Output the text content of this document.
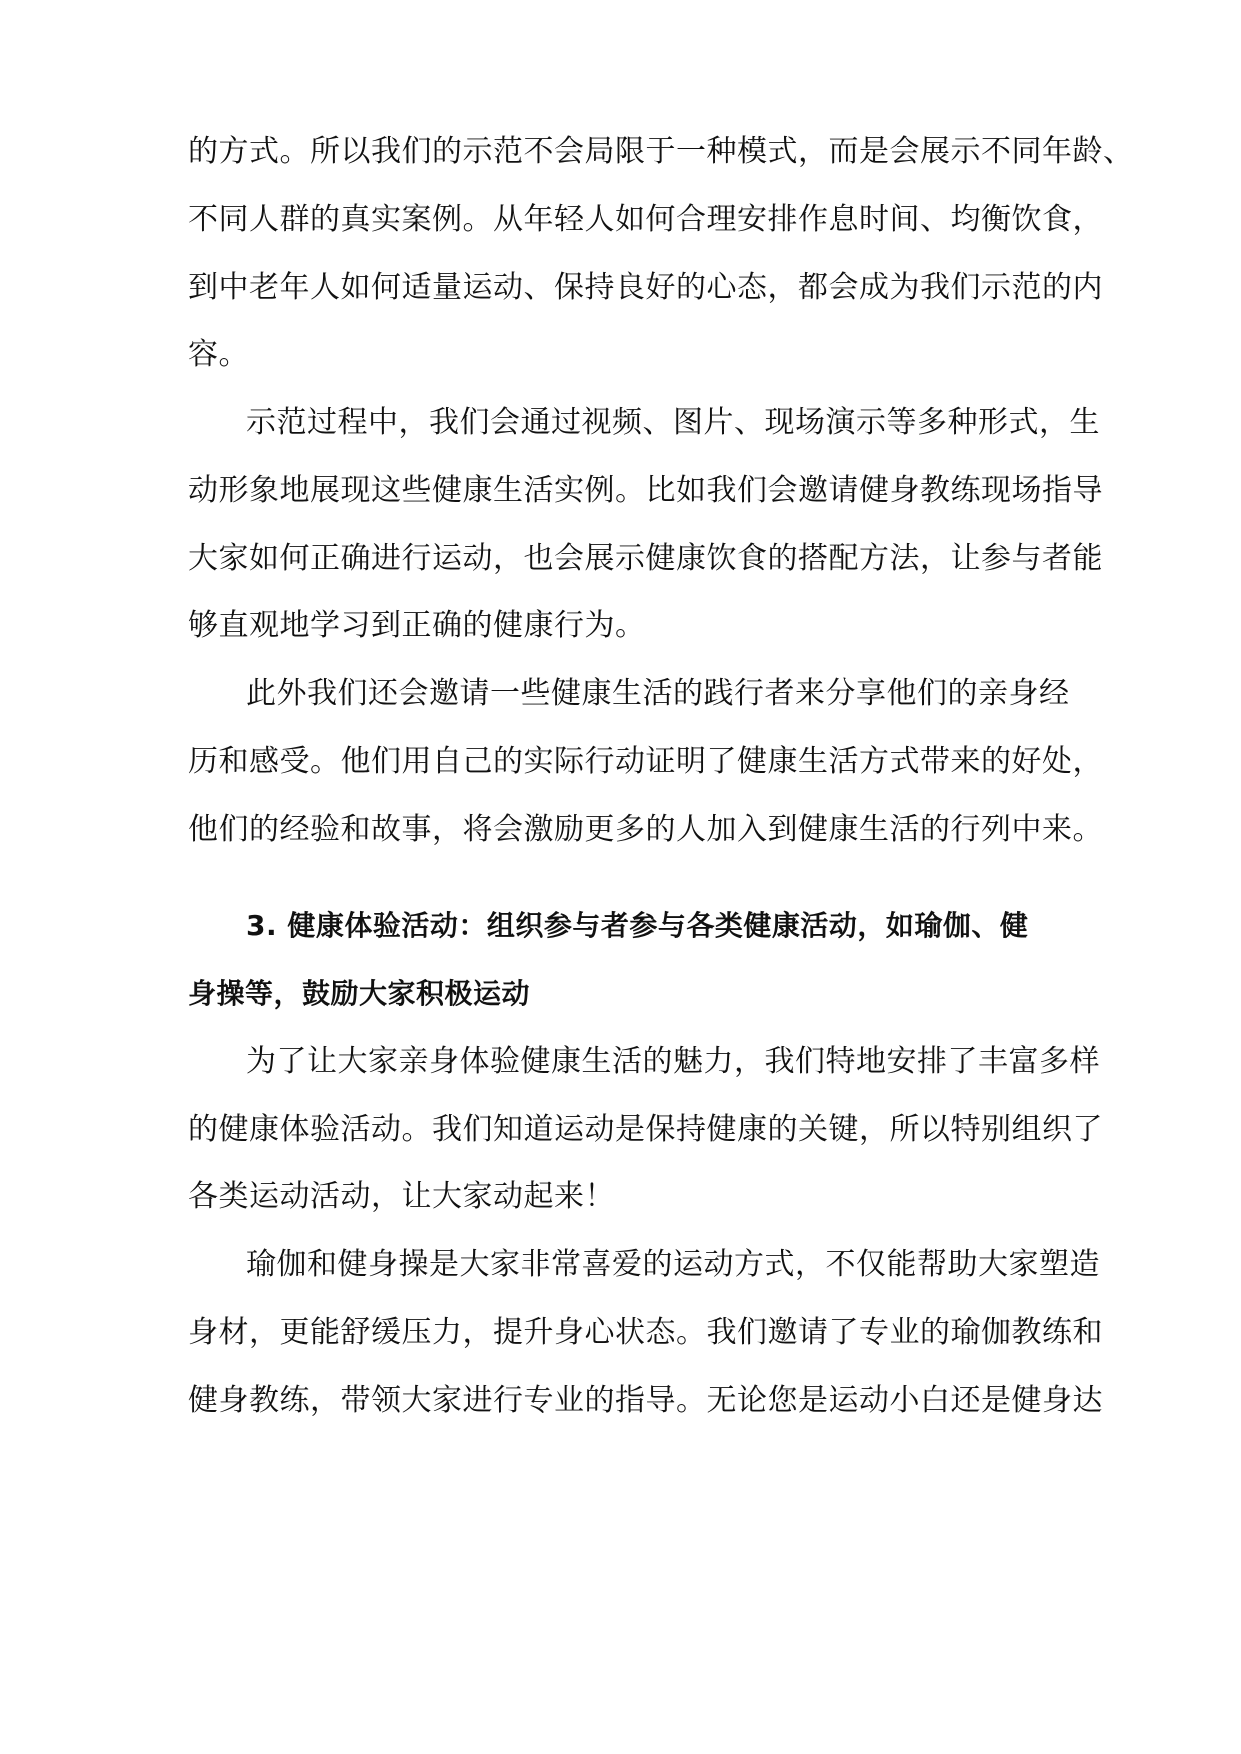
的方式。所以我们的示范不会局限于一种模式，而是会展示不同年龄、
不同人群的真实案例。从年轻人如何合理安排作息时间、均衡饮食，
到中老年人如何适量运动、保持良好的心态，都会成为我们示范的内
容。
示范过程中，我们会通过视频、图片、现场演示等多种形式，生
动形象地展现这些健康生活实例。比如我们会邀请健身教练现场指导
大家如何正确进行运动，也会展示健康饮食的搭配方法，让参与者能
够直观地学习到正确的健康行为。
此外我们还会邀请一些健康生活的践行者来分享他们的亲身经
历和感受。他们用自己的实际行动证明了健康生活方式带来的好处，
他们的经验和故事，将会激励更多的人加入到健康生活的行列中来。
3. 健康体验活动：组织参与者参与各类健康活动，如瑜伽、健
身操等，鼓励大家积极运动
为了让大家亲身体验健康生活的魅力，我们特地安排了丰富多样
的健康体验活动。我们知道运动是保持健康的关键，所以特别组织了
各类运动活动，让大家动起来！
瑜伽和健身操是大家非常喜爱的运动方式，不仅能帮助大家塑造
身材，更能舒缓压力，提升身心状态。我们邀请了专业的瑜伽教练和
健身教练，带领大家进行专业的指导。无论您是运动小白还是健身达
